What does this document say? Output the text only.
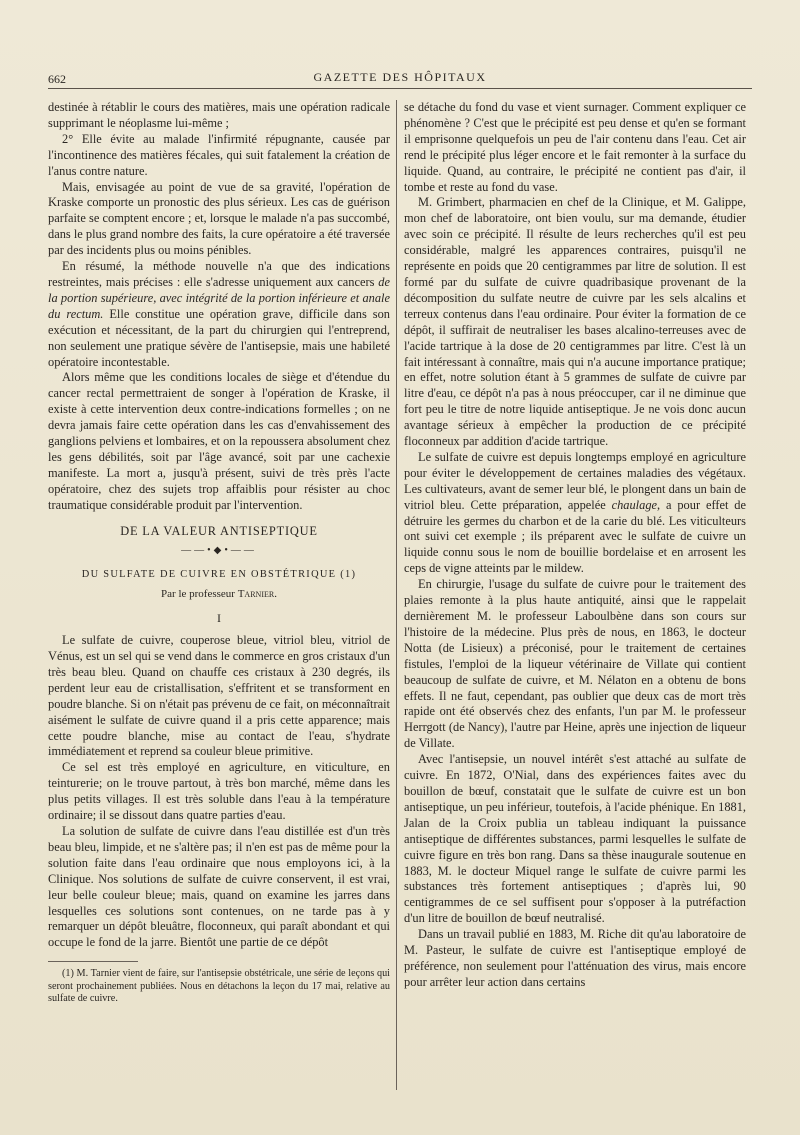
662	GAZETTE DES HÔPITAUX

destinée à rétablir le cours des matières, mais une opération radicale supprimant le néoplasme lui-même ;

2° Elle évite au malade l'infirmité répugnante, causée par l'incontinence des matières fécales, qui suit fatalement la création de l'anus contre nature.

Mais, envisagée au point de vue de sa gravité, l'opération de Kraske comporte un pronostic des plus sérieux. Les cas de guérison parfaite se comptent encore ; et, lorsque le malade n'a pas succombé, dans le plus grand nombre des faits, la cure opératoire a été traversée par des incidents plus ou moins pénibles.

En résumé, la méthode nouvelle n'a que des indications restreintes, mais précises : elle s'adresse uniquement aux cancers de la portion supérieure, avec intégrité de la portion inférieure et anale du rectum. Elle constitue une opération grave, difficile dans son exécution et nécessitant, de la part du chirurgien qui l'entreprend, non seulement une pratique sévère de l'antisepsie, mais une habileté opératoire incontestable.

Alors même que les conditions locales de siège et d'étendue du cancer rectal permettraient de songer à l'opération de Kraske, il existe à cette intervention deux contre-indications formelles ; on ne devra jamais faire cette opération dans les cas d'envahissement des ganglions pelviens et lombaires, et on la repoussera absolument chez les gens débilités, soit par l'âge avancé, soit par une cachexie manifeste. La mort a, jusqu'à présent, suivi de très près l'acte opératoire, chez des sujets trop affaiblis pour résister au choc traumatique considérable produit par l'intervention.

DE LA VALEUR ANTISEPTIQUE
——•◆•——
DU SULFATE DE CUIVRE EN OBSTÉTRIQUE (1)
Par le professeur Tarnier.
I

Le sulfate de cuivre, couperose bleue, vitriol bleu, vitriol de Vénus, est un sel qui se vend dans le commerce en gros cristaux d'un très beau bleu. Quand on chauffe ces cristaux à 230 degrés, ils perdent leur eau de cristallisation, s'effritent et se transforment en poudre blanche. Si on n'était pas prévenu de ce fait, on méconnaîtrait aisément le sulfate de cuivre quand il a pris cette apparence; mais cette poudre blanche, mise au contact de l'eau, s'hydrate immédiatement et reprend sa couleur bleue primitive.

Ce sel est très employé en agriculture, en viticulture, en teinturerie; on le trouve partout, à très bon marché, même dans les plus petits villages. Il est très soluble dans l'eau à la température ordinaire; il se dissout dans quatre parties d'eau.

La solution de sulfate de cuivre dans l'eau distillée est d'un très beau bleu, limpide, et ne s'altère pas; il n'en est pas de même pour la solution faite dans l'eau ordinaire que nous employons ici, à la Clinique. Nos solutions de sulfate de cuivre conservent, il est vrai, leur belle couleur bleue; mais, quand on examine les jarres dans lesquelles ces solutions sont contenues, on ne tarde pas à y remarquer un dépôt bleuâtre, floconneux, qui paraît abondant et qui occupe le fond de la jarre. Bientôt une partie de ce dépôt

(1) M. Tarnier vient de faire, sur l'antisepsie obstétricale, une série de leçons qui seront prochainement publiées. Nous en détachons la leçon du 17 mai, relative au sulfate de cuivre.

se détache du fond du vase et vient surnager. Comment expliquer ce phénomène ? C'est que le précipité est peu dense et qu'en se formant il emprisonne quelquefois un peu de l'air contenu dans l'eau. Cet air rend le précipité plus léger encore et le fait remonter à la surface du liquide. Quand, au contraire, le précipité ne contient pas d'air, il tombe et reste au fond du vase.

M. Grimbert, pharmacien en chef de la Clinique, et M. Galippe, mon chef de laboratoire, ont bien voulu, sur ma demande, étudier avec soin ce précipité. Il résulte de leurs recherches qu'il est peu considérable, malgré les apparences contraires, puisqu'il ne représente en poids que 20 centigrammes par litre de solution. Il est formé par du sulfate de cuivre quadribasique provenant de la décomposition du sulfate neutre de cuivre par les sels alcalins et terreux contenus dans l'eau ordinaire. Pour éviter la formation de ce dépôt, il suffirait de neutraliser les bases alcalino-terreuses avec de l'acide tartrique à la dose de 20 centigrammes par litre. C'est là un fait intéressant à connaître, mais qui n'a aucune importance pratique; en effet, notre solution étant à 5 grammes de sulfate de cuivre par litre d'eau, ce dépôt n'a pas à nous préoccuper, car il ne diminue que fort peu le titre de notre liquide antiseptique. Je ne vois donc aucun avantage sérieux à empêcher la production de ce précipité floconneux par addition d'acide tartrique.

Le sulfate de cuivre est depuis longtemps employé en agriculture pour éviter le développement de certaines maladies des végétaux. Les cultivateurs, avant de semer leur blé, le plongent dans un bain de vitriol bleu. Cette préparation, appelée chaulage, a pour effet de détruire les germes du charbon et de la carie du blé. Les viticulteurs ont suivi cet exemple ; ils préparent avec le sulfate de cuivre un liquide connu sous le nom de bouillie bordelaise et en arrosent les ceps de vigne atteints par le mildew.

En chirurgie, l'usage du sulfate de cuivre pour le traitement des plaies remonte à la plus haute antiquité, ainsi que le rappelait dernièrement M. le professeur Laboulbène dans son cours sur l'histoire de la médecine. Plus près de nous, en 1863, le docteur Notta (de Lisieux) a préconisé, pour le traitement de certaines fistules, l'emploi de la liqueur vétérinaire de Villate qui contient beaucoup de sulfate de cuivre, et M. Nélaton en a obtenu de bons effets. Il ne faut, cependant, pas oublier que deux cas de mort très rapide ont été observés chez des enfants, l'un par M. le professeur Herrgott (de Nancy), l'autre par Heine, après une injection de liqueur de Villate.

Avec l'antisepsie, un nouvel intérêt s'est attaché au sulfate de cuivre. En 1872, O'Nial, dans des expériences faites avec du bouillon de bœuf, constatait que le sulfate de cuivre est un bon antiseptique, un peu inférieur, toutefois, à l'acide phénique. En 1881, Jalan de la Croix publia un tableau indiquant la puissance antiseptique de différentes substances, parmi lesquelles le sulfate de cuivre figure en très bon rang. Dans sa thèse inaugurale soutenue en 1883, M. le docteur Miquel range le sulfate de cuivre parmi les substances très fortement antiseptiques ; d'après lui, 90 centigrammes de ce sel suffisent pour s'opposer à la putréfaction d'un litre de bouillon de bœuf neutralisé.

Dans un travail publié en 1883, M. Riche dit qu'au laboratoire de M. Pasteur, le sulfate de cuivre est l'antiseptique employé de préférence, non seulement pour l'atténuation des virus, mais encore pour arrêter leur action dans certains
